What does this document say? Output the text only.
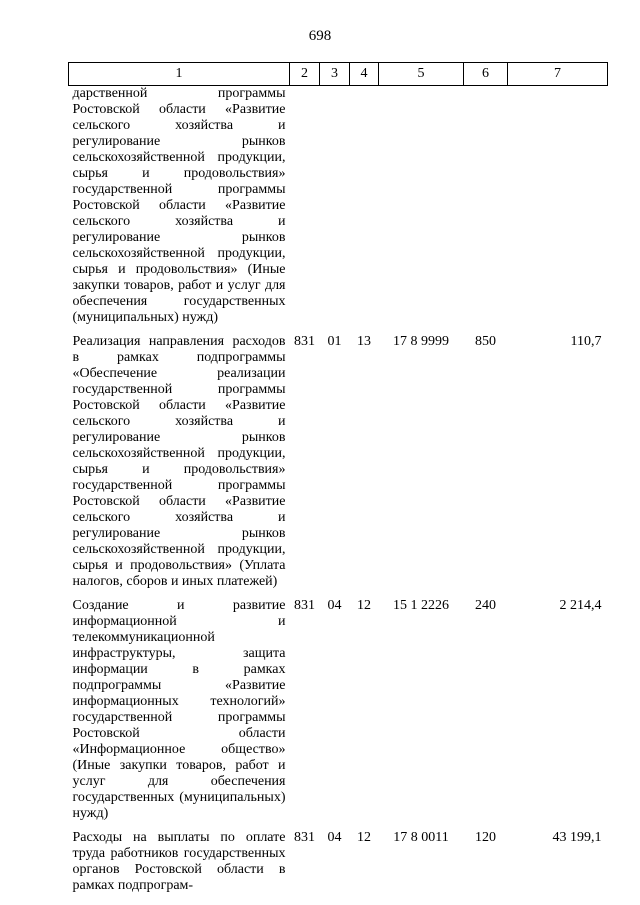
698
1	2	3	4	5	6	7
дарственной программы Ростовской области «Развитие сельского хозяйства и регулирование рынков сельскохозяйственной продукции, сырья и продовольствия» государственной программы Ростовской области «Развитие сельского хозяйства и регулирование рынков сельскохозяйственной продукции, сырья и продовольствия» (Иные закупки товаров, работ и услуг для обеспечения государственных (муниципальных) нужд)						
Реализация направления расходов в рамках подпрограммы «Обеспечение реализации государственной программы Ростовской области «Развитие сельского хозяйства и регулирование рынков сельскохозяйственной продукции, сырья и продовольствия» государственной программы Ростовской области «Развитие сельского хозяйства и регулирование рынков сельскохозяйственной продукции, сырья и продовольствия» (Уплата налогов, сборов и иных платежей)	831	01	13	17 8 9999	850	110,7
Создание и развитие информационной и телекоммуникационной инфраструктуры, защита информации в рамках подпрограммы «Развитие информационных технологий» государственной программы Ростовской области «Информационное общество» (Иные закупки товаров, работ и услуг для обеспечения государственных (муниципальных) нужд)	831	04	12	15 1 2226	240	2 214,4
Расходы на выплаты по оплате труда работников государственных органов Ростовской области в рамках подпрограм-	831	04	12	17 8 0011	120	43 199,1
